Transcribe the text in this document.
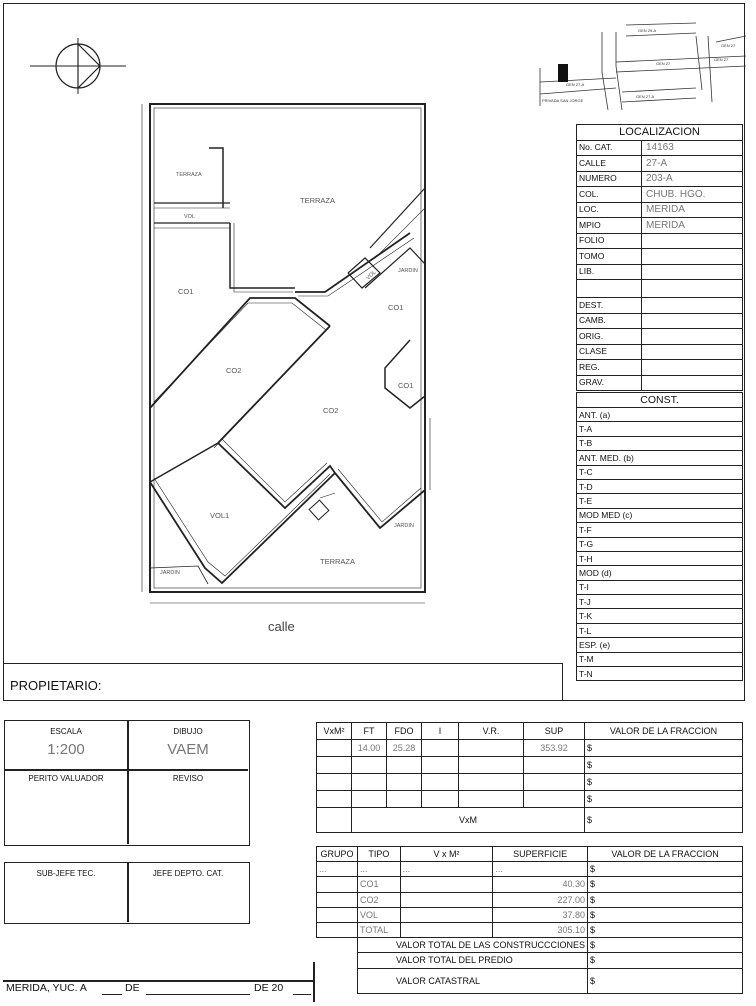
GEN 29-A
GEN 27
GEN 27-A
GEN 27
GEN 27-A
PRIVADA SAN JORGE
GEN 27
TERRAZA
VOL
VOL	JARDIN
JARDIN
JARDIN
TERRAZA
CO1
CO1
CO1
CO2
CO2
VOL1
TERRAZA
calle
LOCALIZACION	
No. CAT.	14163
CALLE	27-A
NUMERO	203-A
COL.	CHUB. HGO.
LOC.	MERIDA
MPIO	MERIDA
FOLIO	
TOMO	
LIB.	

DEST.	
CAMB.	
ORIG.	
CLASE	
REG.	
GRAV.	
CONST.
ANT. (a)
T-A
T-B
ANT. MED. (b)
T-C
T-D
T-E
MOD MED (c)
T-F
T-G
T-H
MOD (d)
T-I
T-J
T-K
T-L
ESP. (e)
T-M
T-N
PROPIETARIO:
ESCALA
1:200
DIBUJO
VAEM
PERITO VALUADOR	REVISO
SUB-JEFE TEC.	JEFE DEPTO. CAT.
MERIDA, YUC. A	DE	DE 20
VxM²	FT	FDO	I	V.R.	SUP	VALOR DE LA FRACCION
	14.00	25.28			353.92	$
						$
						$
						$
	VxM					$
GRUPO	TIPO	V x M²	SUPERFICIE	VALOR DE LA FRACCION
...	...	...	...	$
	CO1		40.30	$
	CO2		227.00	$
	VOL		37.80	$
	TOTAL		305.10	$
	VALOR TOTAL DE LAS CONSTRUCCCIONES			$
	VALOR TOTAL DEL PREDIO			$
	VALOR CATASTRAL			$
